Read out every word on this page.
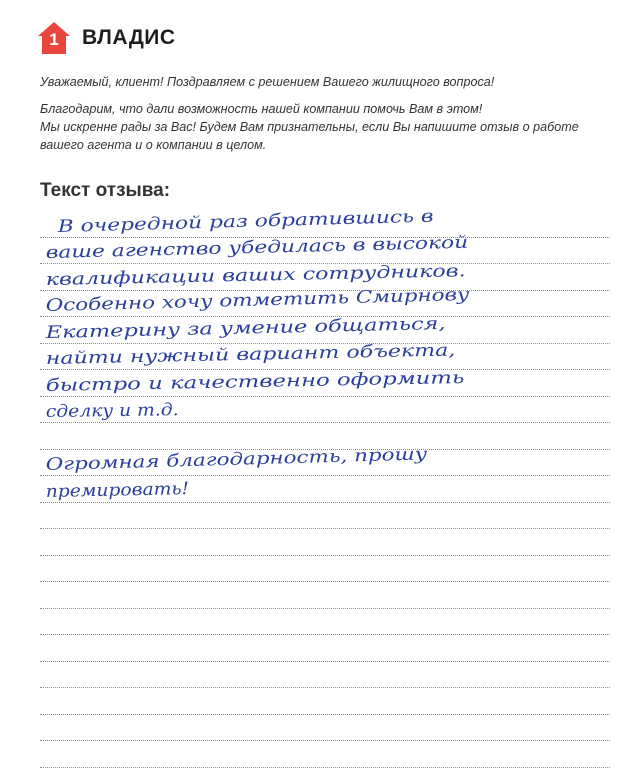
1	ВЛАДИС

Уважаемый, клиент! Поздравляем с решением Вашего жилищного вопроса!

Благодарим, что дали возможность нашей компании помочь Вам в этом!

Мы искренне рады за Вас! Будем Вам признательны, если Вы напишите отзыв о работе

вашего агента и о компании в целом.

Текст отзыва:
В очередной раз обратившись в
ваше агенство убедилась в высокой
квалификации ваших сотрудников.
Особенно хочу отметить Смирнову
Екатерину за умение общаться,
найти нужный вариант объекта,
быстро и качественно оформить
сделку и т.д.
Огромная благодарность, прошу
премировать!
